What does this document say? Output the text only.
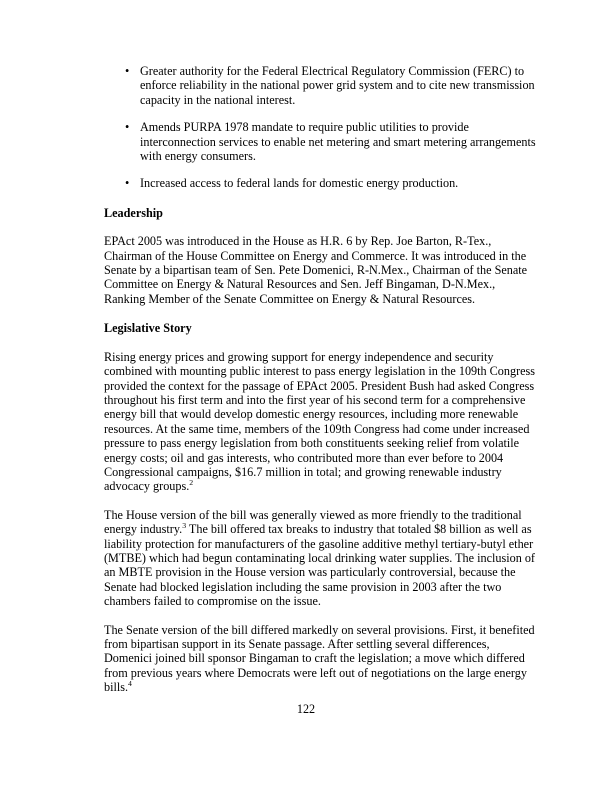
• Greater authority for the Federal Electrical Regulatory Commission (FERC) to enforce reliability in the national power grid system and to cite new transmission capacity in the national interest.
• Amends PURPA 1978 mandate to require public utilities to provide interconnection services to enable net metering and smart metering arrangements with energy consumers.
• Increased access to federal lands for domestic energy production.
Leadership

EPAct 2005 was introduced in the House as H.R. 6 by Rep. Joe Barton, R-Tex., Chairman of the House Committee on Energy and Commerce. It was introduced in the Senate by a bipartisan team of Sen. Pete Domenici, R-N.Mex., Chairman of the Senate Committee on Energy & Natural Resources and Sen. Jeff Bingaman, D-N.Mex., Ranking Member of the Senate Committee on Energy & Natural Resources.

Legislative Story

Rising energy prices and growing support for energy independence and security combined with mounting public interest to pass energy legislation in the 109th Congress provided the context for the passage of EPAct 2005. President Bush had asked Congress throughout his first term and into the first year of his second term for a comprehensive energy bill that would develop domestic energy resources, including more renewable resources. At the same time, members of the 109th Congress had come under increased pressure to pass energy legislation from both constituents seeking relief from volatile energy costs; oil and gas interests, who contributed more than ever before to 2004 Congressional campaigns, $16.7 million in total; and growing renewable industry advocacy groups.$^2$

The House version of the bill was generally viewed as more friendly to the traditional energy industry.$^3$ The bill offered tax breaks to industry that totaled $8 billion as well as liability protection for manufacturers of the gasoline additive methyl tertiary-butyl ether (MTBE) which had begun contaminating local drinking water supplies. The inclusion of an MBTE provision in the House version was particularly controversial, because the Senate had blocked legislation including the same provision in 2003 after the two chambers failed to compromise on the issue.

The Senate version of the bill differed markedly on several provisions. First, it benefited from bipartisan support in its Senate passage. After settling several differences, Domenici joined bill sponsor Bingaman to craft the legislation; a move which differed from previous years where Democrats were left out of negotiations on the large energy bills.$^4$

122
